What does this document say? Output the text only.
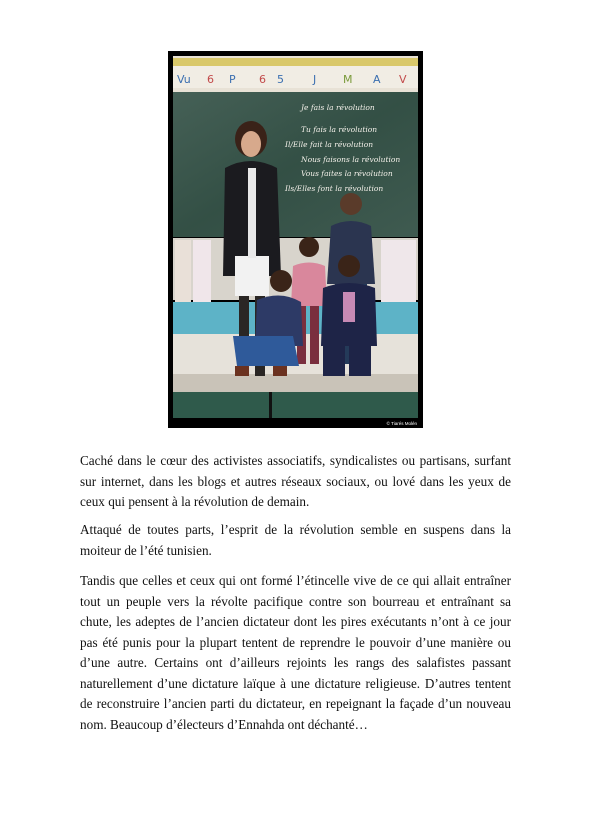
Vu 6 P 6 5	J M A V
Je fais la révolution
Tu fais la révolution
Il/Elle fait la révolution
Nous faisons la révolution
Vous faites la révolution
Ils/Elles font la révolution
© Tiarés Molén

Caché dans le cœur des activistes associatifs, syndicalistes ou partisans, surfant sur internet, dans les blogs et autres réseaux sociaux, ou lové dans les yeux de ceux qui pensent à la révolution de demain.

Attaqué de toutes parts, l’esprit de la révolution semble en suspens dans la moiteur de l’été tunisien.

Tandis que celles et ceux qui ont formé l’étincelle vive de ce qui allait entraîner tout un peuple vers la révolte pacifique contre son bourreau et entraînant sa chute, les adeptes de l’ancien dictateur dont les pires exécutants n’ont à ce jour pas été punis pour la plupart tentent de reprendre le pouvoir d’une manière ou d’une autre. Certains ont d’ailleurs rejoints les rangs des salafistes passant naturellement d’une dictature laïque à une dictature religieuse. D’autres tentent de reconstruire l’ancien parti du dictateur, en repeignant la façade d’un nouveau nom. Beaucoup d’électeurs d’Ennahda ont déchanté…
